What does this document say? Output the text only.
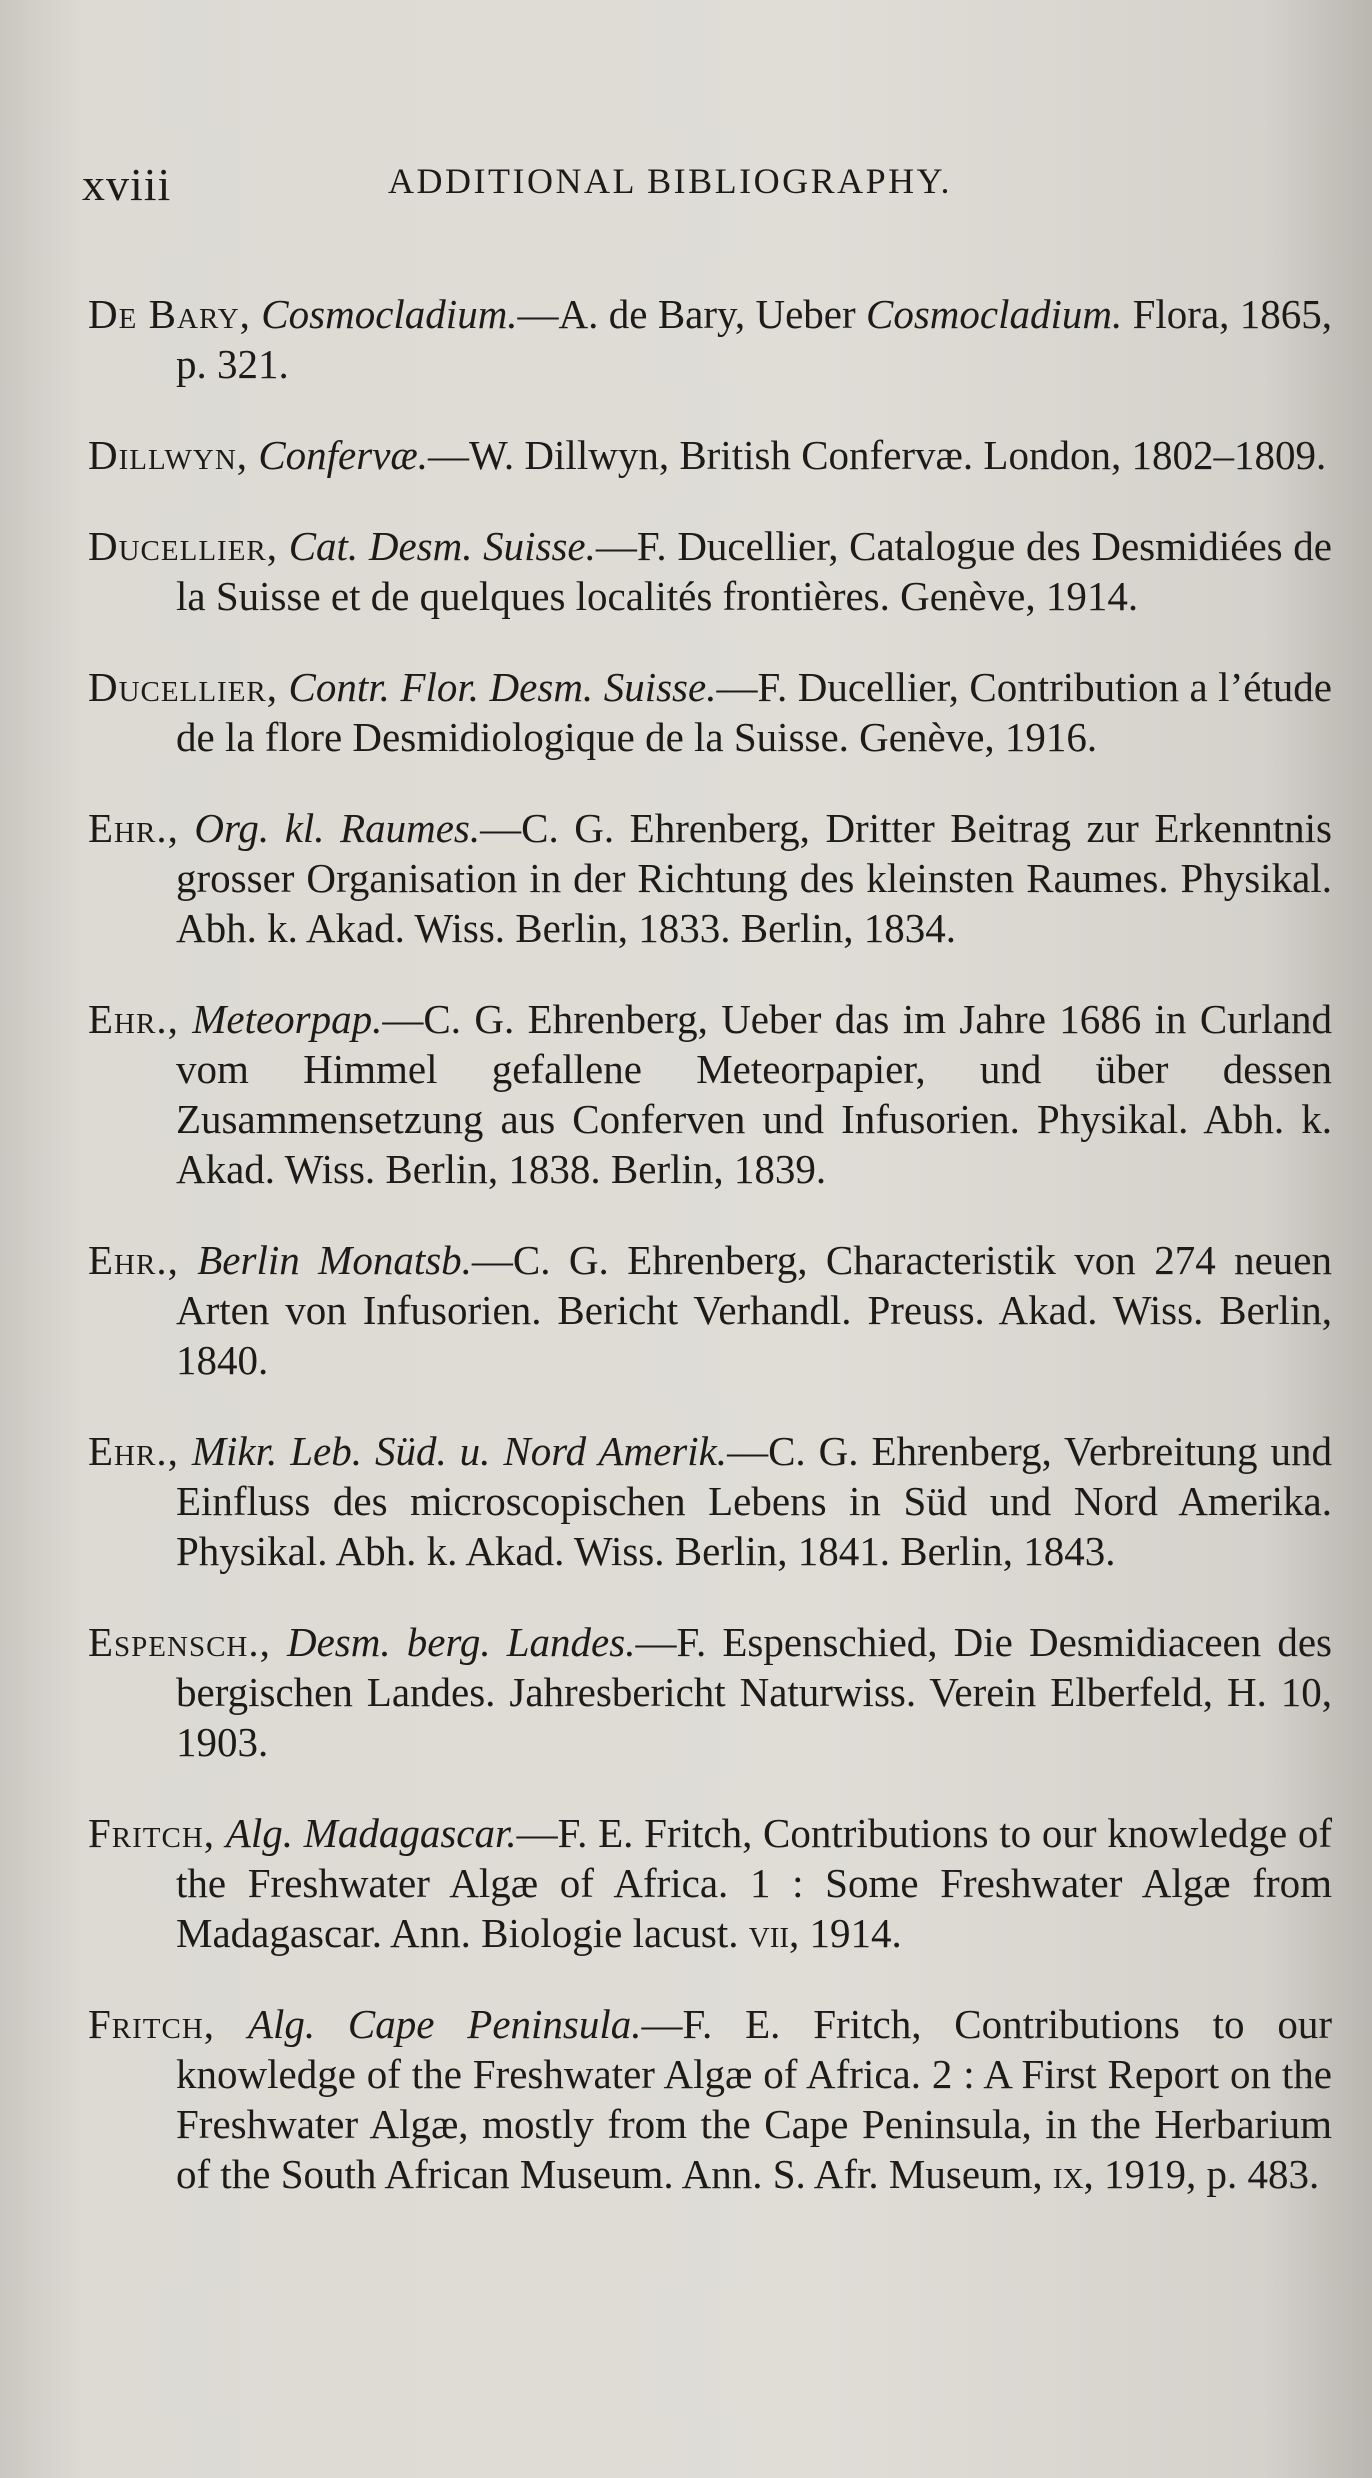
xviii	ADDITIONAL BIBLIOGRAPHY.

De Bary, Cosmocladium.—A. de Bary, Ueber Cosmocladium. Flora, 1865, p. 321.

Dillwyn, Confervæ.—W. Dillwyn, British Confervæ. London, 1802–1809.

Ducellier, Cat. Desm. Suisse.—F. Ducellier, Catalogue des Desmidiées de la Suisse et de quelques localités frontières. Genève, 1914.

Ducellier, Contr. Flor. Desm. Suisse.—F. Ducellier, Contribution a l’étude de la flore Desmidiologique de la Suisse. Genève, 1916.

Ehr., Org. kl. Raumes.—C. G. Ehrenberg, Dritter Beitrag zur Erkenntnis grosser Organisation in der Richtung des kleinsten Raumes. Physikal. Abh. k. Akad. Wiss. Berlin, 1833. Berlin, 1834.

Ehr., Meteorpap.—C. G. Ehrenberg, Ueber das im Jahre 1686 in Curland vom Himmel gefallene Meteorpapier, und über dessen Zusammensetzung aus Conferven und Infusorien. Physikal. Abh. k. Akad. Wiss. Berlin, 1838. Berlin, 1839.

Ehr., Berlin Monatsb.—C. G. Ehrenberg, Characteristik von 274 neuen Arten von Infusorien. Bericht Verhandl. Preuss. Akad. Wiss. Berlin, 1840.

Ehr., Mikr. Leb. Süd. u. Nord Amerik.—C. G. Ehrenberg, Verbreitung und Einfluss des microscopischen Lebens in Süd und Nord Amerika. Physikal. Abh. k. Akad. Wiss. Berlin, 1841. Berlin, 1843.

Espensch., Desm. berg. Landes.—F. Espenschied, Die Desmidiaceen des bergischen Landes. Jahresbericht Naturwiss. Verein Elberfeld, H. 10, 1903.

Fritch, Alg. Madagascar.—F. E. Fritch, Contributions to our knowledge of the Freshwater Algæ of Africa. 1 : Some Freshwater Algæ from Madagascar. Ann. Biologie lacust. vii, 1914.

Fritch, Alg. Cape Peninsula.—F. E. Fritch, Contributions to our knowledge of the Freshwater Algæ of Africa. 2 : A First Report on the Freshwater Algæ, mostly from the Cape Peninsula, in the Herbarium of the South African Museum. Ann. S. Afr. Museum, ix, 1919, p. 483.
